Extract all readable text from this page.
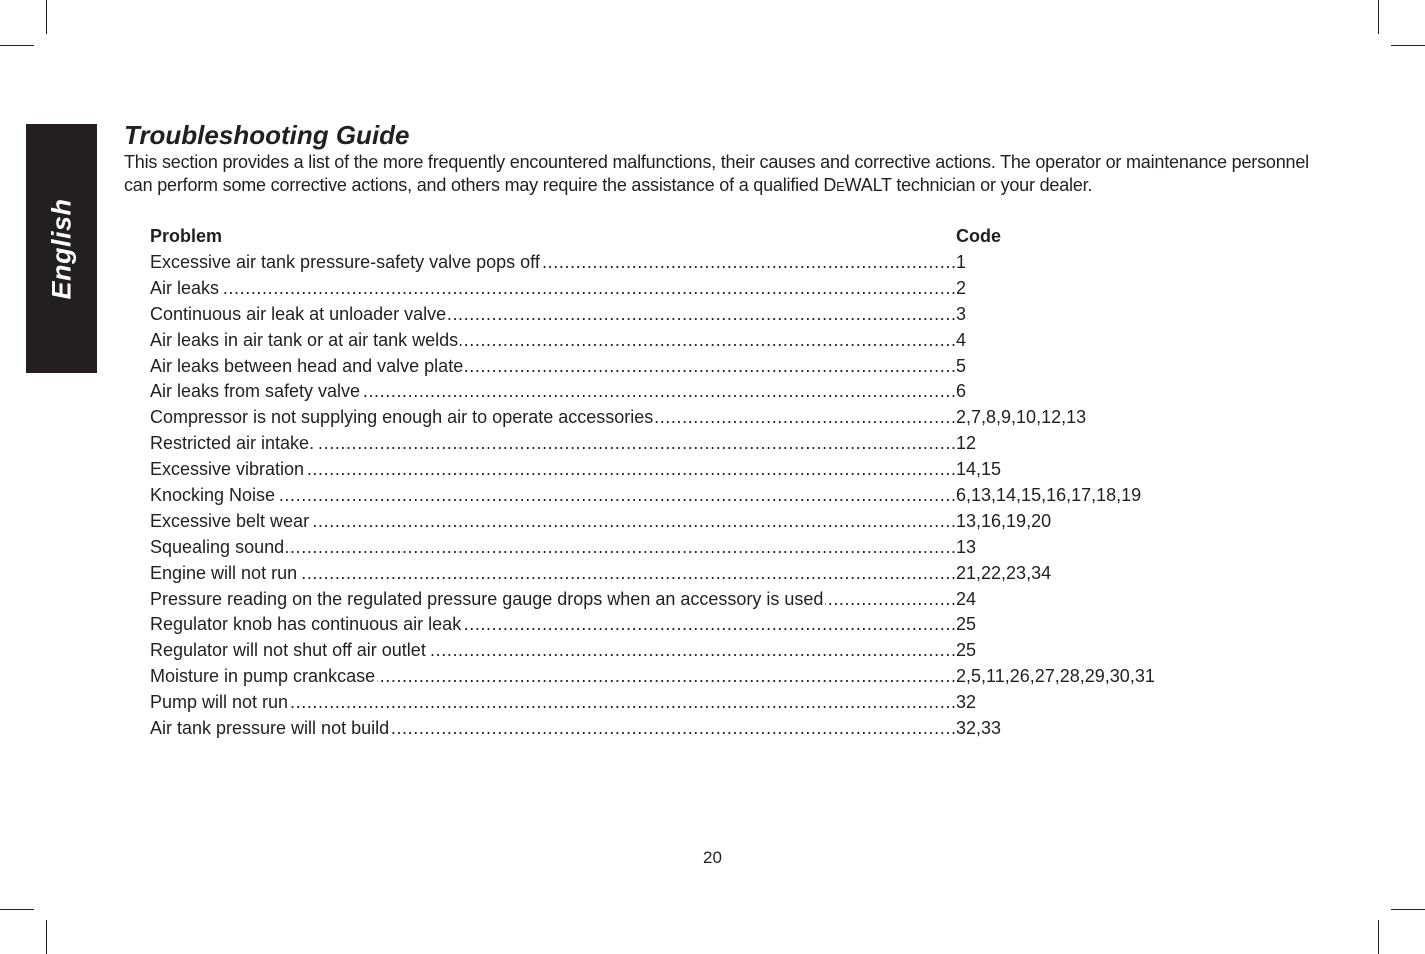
English
Troubleshooting Guide

This section provides a list of the more frequently encountered malfunctions, their causes and corrective actions. The operator or maintenance personnel can perform some corrective actions, and others may require the assistance of a qualified DEWALT technician or your dealer.

Problem	Code
Excessive air tank pressure-safety valve pops off .....	1
Air leaks .....	2
Continuous air leak at unloader valve .....	3
Air leaks in air tank or at air tank welds .....	4
Air leaks between head and valve plate .....	5
Air leaks from safety valve .....	6
Compressor is not supplying enough air to operate accessories .....	2,7,8,9,10,12,13
Restricted air intake. .....	12
Excessive vibration .....	14,15
Knocking Noise .....	6,13,14,15,16,17,18,19
Excessive belt wear .....	13,16,19,20
Squealing sound .....	13
Engine will not run .....	21,22,23,34
Pressure reading on the regulated pressure gauge drops when an accessory is used .....	24
Regulator knob has continuous air leak .....	25
Regulator will not shut off air outlet .....	25
Moisture in pump crankcase .....	2,5,11,26,27,28,29,30,31
Pump will not run .....	32
Air tank pressure will not build .....	32,33
20
